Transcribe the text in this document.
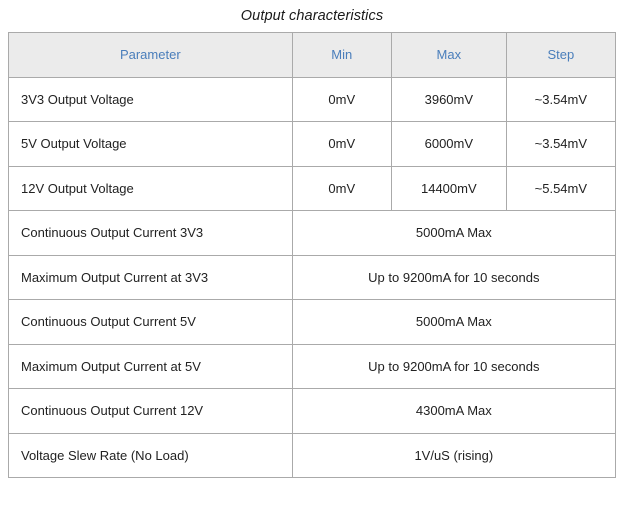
Output characteristics
Parameter	Min	Max	Step
3V3 Output Voltage	0mV	3960mV	~3.54mV
5V Output Voltage	0mV	6000mV	~3.54mV
12V Output Voltage	0mV	14400mV	~5.54mV
Continuous Output Current 3V3	5000mA Max		
Maximum Output Current at 3V3	Up to 9200mA for 10 seconds		
Continuous Output Current 5V	5000mA Max		
Maximum Output Current at 5V	Up to 9200mA for 10 seconds		
Continuous Output Current 12V	4300mA Max		
Voltage Slew Rate (No Load)	1V/uS (rising)		
